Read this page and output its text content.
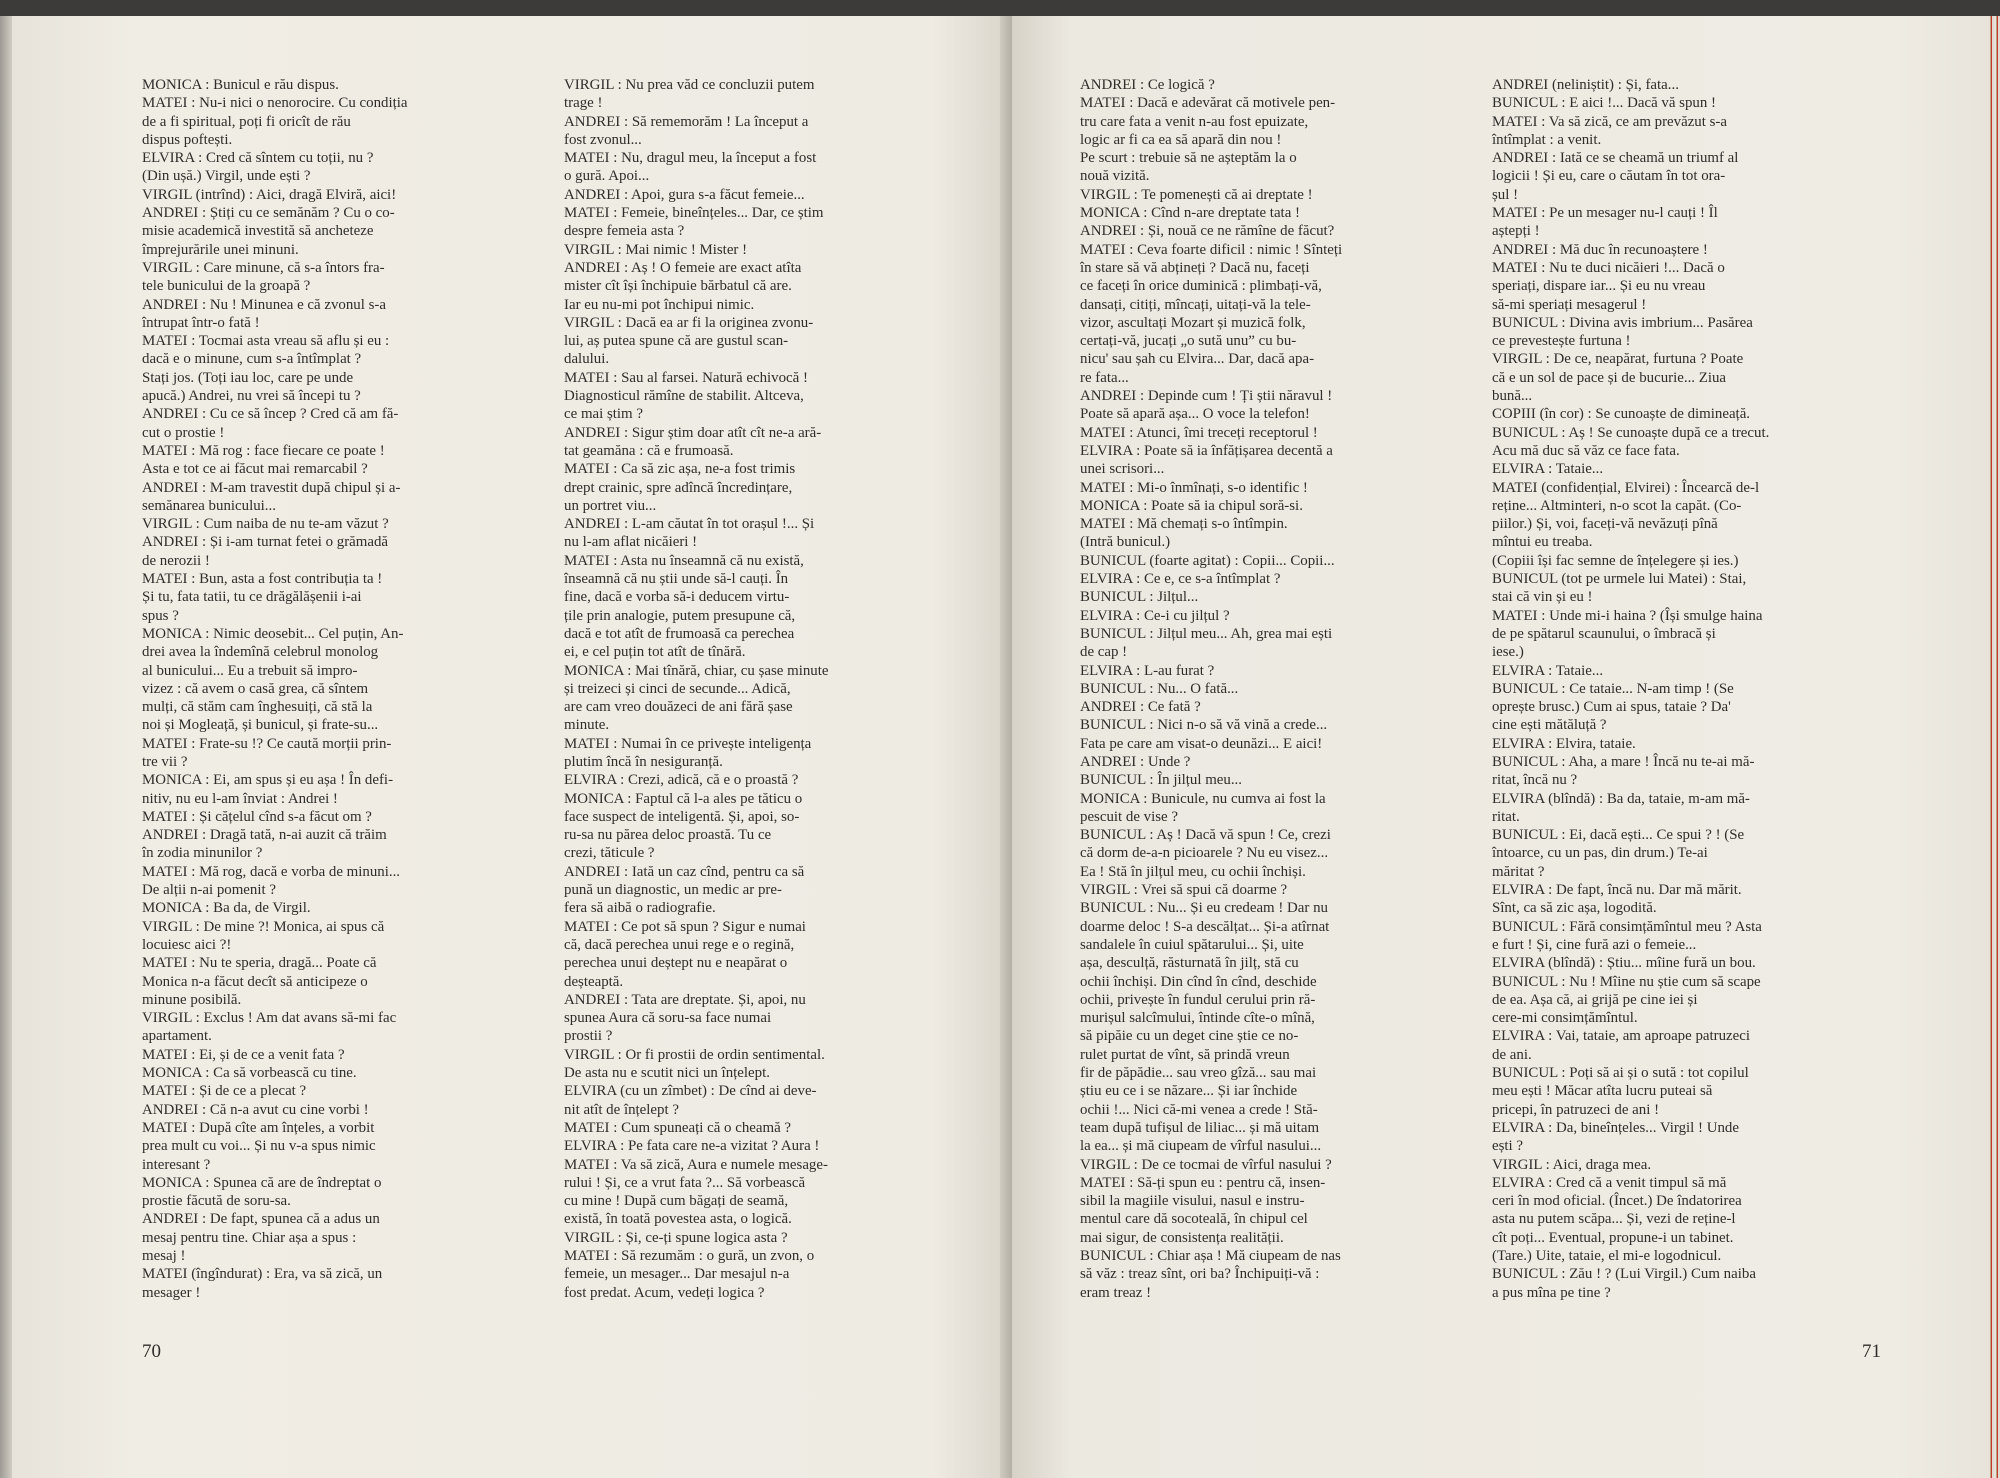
MONICA : Bunicul e rău dispus.
MATEI : Nu-i nici o nenorocire. Cu condiția
de a fi spiritual, poți fi oricît de rău
dispus poftești.
ELVIRA : Cred că sîntem cu toții, nu ?
(Din ușă.) Virgil, unde ești ?
VIRGIL (intrînd) : Aici, dragă Elviră, aici!
ANDREI : Știți cu ce semănăm ? Cu o co-
misie academică investită să ancheteze
împrejurările unei minuni.
VIRGIL : Care minune, că s-a întors fra-
tele bunicului de la groapă ?
ANDREI : Nu ! Minunea e că zvonul s-a
întrupat într-o fată !
MATEI : Tocmai asta vreau să aflu și eu :
dacă e o minune, cum s-a întîmplat ?
Stați jos. (Toți iau loc, care pe unde
apucă.) Andrei, nu vrei să începi tu ?
ANDREI : Cu ce să încep ? Cred că am fă-
cut o prostie !
MATEI : Mă rog : face fiecare ce poate !
Asta e tot ce ai făcut mai remarcabil ?
ANDREI : M-am travestit după chipul și a-
semănarea bunicului...
VIRGIL : Cum naiba de nu te-am văzut ?
ANDREI : Și i-am turnat fetei o grămadă
de nerozii !
MATEI : Bun, asta a fost contribuția ta !
Și tu, fata tatii, tu ce drăgălășenii i-ai
spus ?
MONICA : Nimic deosebit... Cel puțin, An-
drei avea la îndemînă celebrul monolog
al bunicului... Eu a trebuit să impro-
vizez : că avem o casă grea, că sîntem
mulți, că stăm cam înghesuiți, că stă la
noi și Mogleață, și bunicul, și frate-su...
MATEI : Frate-su !? Ce caută morții prin-
tre vii ?
MONICA : Ei, am spus și eu așa ! În defi-
nitiv, nu eu l-am înviat : Andrei !
MATEI : Și cățelul cînd s-a făcut om ?
ANDREI : Dragă tată, n-ai auzit că trăim
în zodia minunilor ?
MATEI : Mă rog, dacă e vorba de minuni...
De alții n-ai pomenit ?
MONICA : Ba da, de Virgil.
VIRGIL : De mine ?! Monica, ai spus că
locuiesc aici ?!
MATEI : Nu te speria, dragă... Poate că
Monica n-a făcut decît să anticipeze o
minune posibilă.
VIRGIL : Exclus ! Am dat avans să-mi fac
apartament.
MATEI : Ei, și de ce a venit fata ?
MONICA : Ca să vorbească cu tine.
MATEI : Și de ce a plecat ?
ANDREI : Că n-a avut cu cine vorbi !
MATEI : După cîte am înțeles, a vorbit
prea mult cu voi... Și nu v-a spus nimic
interesant ?
MONICA : Spunea că are de îndreptat o
prostie făcută de soru-sa.
ANDREI : De fapt, spunea că a adus un
mesaj pentru tine. Chiar așa a spus :
mesaj !
MATEI (îngîndurat) : Era, va să zică, un
mesager !
VIRGIL : Nu prea văd ce concluzii putem
trage !
ANDREI : Să rememorăm ! La început a
fost zvonul...
MATEI : Nu, dragul meu, la început a fost
o gură. Apoi...
ANDREI : Apoi, gura s-a făcut femeie...
MATEI : Femeie, bineînțeles... Dar, ce știm
despre femeia asta ?
VIRGIL : Mai nimic ! Mister !
ANDREI : Aș ! O femeie are exact atîta
mister cît își închipuie bărbatul că are.
Iar eu nu-mi pot închipui nimic.
VIRGIL : Dacă ea ar fi la originea zvonu-
lui, aș putea spune că are gustul scan-
dalului.
MATEI : Sau al farsei. Natură echivocă !
Diagnosticul rămîne de stabilit. Altceva,
ce mai știm ?
ANDREI : Sigur știm doar atît cît ne-a ară-
tat geamăna : că e frumoasă.
MATEI : Ca să zic așa, ne-a fost trimis
drept crainic, spre adîncă încredințare,
un portret viu...
ANDREI : L-am căutat în tot orașul !... Și
nu l-am aflat nicăieri !
MATEI : Asta nu înseamnă că nu există,
înseamnă că nu știi unde să-l cauți. În
fine, dacă e vorba să-i deducem virtu-
țile prin analogie, putem presupune că,
dacă e tot atît de frumoasă ca perechea
ei, e cel puțin tot atît de tînără.
MONICA : Mai tînără, chiar, cu șase minute
și treizeci și cinci de secunde... Adică,
are cam vreo douăzeci de ani fără șase
minute.
MATEI : Numai în ce privește inteligența
plutim încă în nesiguranță.
ELVIRA : Crezi, adică, că e o proastă ?
MONICA : Faptul că l-a ales pe tăticu o
face suspect de inteligentă. Și, apoi, so-
ru-sa nu părea deloc proastă. Tu ce
crezi, tăticule ?
ANDREI : Iată un caz cînd, pentru ca să
pună un diagnostic, un medic ar pre-
fera să aibă o radiografie.
MATEI : Ce pot să spun ? Sigur e numai
că, dacă perechea unui rege e o regină,
perechea unui deștept nu e neapărat o
deșteaptă.
ANDREI : Tata are dreptate. Și, apoi, nu
spunea Aura că soru-sa face numai
prostii ?
VIRGIL : Or fi prostii de ordin sentimental.
De asta nu e scutit nici un înțelept.
ELVIRA (cu un zîmbet) : De cînd ai deve-
nit atît de înțelept ?
MATEI : Cum spuneați că o cheamă ?
ELVIRA : Pe fata care ne-a vizitat ? Aura !
MATEI : Va să zică, Aura e numele mesage-
rului ! Și, ce a vrut fata ?... Să vorbească
cu mine ! După cum băgați de seamă,
există, în toată povestea asta, o logică.
VIRGIL : Și, ce-ți spune logica asta ?
MATEI : Să rezumăm : o gură, un zvon, o
femeie, un mesager... Dar mesajul n-a
fost predat. Acum, vedeți logica ?
70
ANDREI : Ce logică ?
MATEI : Dacă e adevărat că motivele pen-
tru care fata a venit n-au fost epuizate,
logic ar fi ca ea să apară din nou !
Pe scurt : trebuie să ne așteptăm la o
nouă vizită.
VIRGIL : Te pomenești că ai dreptate !
MONICA : Cînd n-are dreptate tata !
ANDREI : Și, nouă ce ne rămîne de făcut?
MATEI : Ceva foarte dificil : nimic ! Sînteți
în stare să vă abțineți ? Dacă nu, faceți
ce faceți în orice duminică : plimbați-vă,
dansați, citiți, mîncați, uitați-vă la tele-
vizor, ascultați Mozart și muzică folk,
certați-vă, jucați „o sută unu” cu bu-
nicu' sau șah cu Elvira... Dar, dacă apa-
re fata...
ANDREI : Depinde cum ! Ți știi năravul !
Poate să apară așa... O voce la telefon!
MATEI : Atunci, îmi treceți receptorul !
ELVIRA : Poate să ia înfățișarea decentă a
unei scrisori...
MATEI : Mi-o înmînați, s-o identific !
MONICA : Poate să ia chipul soră-si.
MATEI : Mă chemați s-o întîmpin.
(Intră bunicul.)
BUNICUL (foarte agitat) : Copii... Copii...
ELVIRA : Ce e, ce s-a întîmplat ?
BUNICUL : Jilțul...
ELVIRA : Ce-i cu jilțul ?
BUNICUL : Jilțul meu... Ah, grea mai ești
de cap !
ELVIRA : L-au furat ?
BUNICUL : Nu... O fată...
ANDREI : Ce fată ?
BUNICUL : Nici n-o să vă vină a crede...
Fata pe care am visat-o deunăzi... E aici!
ANDREI : Unde ?
BUNICUL : În jilțul meu...
MONICA : Bunicule, nu cumva ai fost la
pescuit de vise ?
BUNICUL : Aș ! Dacă vă spun ! Ce, crezi
că dorm de-a-n picioarele ? Nu eu visez...
Ea ! Stă în jilțul meu, cu ochii închiși.
VIRGIL : Vrei să spui că doarme ?
BUNICUL : Nu... Și eu credeam ! Dar nu
doarme deloc ! S-a descălțat... Și-a atîrnat
sandalele în cuiul spătarului... Și, uite
așa, desculță, răsturnată în jilț, stă cu
ochii închiși. Din cînd în cînd, deschide
ochii, privește în fundul cerului prin ră-
murișul salcîmului, întinde cîte-o mînă,
să pipăie cu un deget cine știe ce no-
rulet purtat de vînt, să prindă vreun
fir de păpădie... sau vreo gîză... sau mai
știu eu ce i se năzare... Și iar închide
ochii !... Nici că-mi venea a crede ! Stă-
team după tufișul de liliac... și mă uitam
la ea... și mă ciupeam de vîrful nasului...
VIRGIL : De ce tocmai de vîrful nasului ?
MATEI : Să-ți spun eu : pentru că, insen-
sibil la magiile visului, nasul e instru-
mentul care dă socoteală, în chipul cel
mai sigur, de consistența realității.
BUNICUL : Chiar așa ! Mă ciupeam de nas
să văz : treaz sînt, ori ba? Închipuiți-vă :
eram treaz !
ANDREI (neliniștit) : Și, fata...
BUNICUL : E aici !... Dacă vă spun !
MATEI : Va să zică, ce am prevăzut s-a
întîmplat : a venit.
ANDREI : Iată ce se cheamă un triumf al
logicii ! Și eu, care o căutam în tot ora-
șul !
MATEI : Pe un mesager nu-l cauți ! Îl
aștepți !
ANDREI : Mă duc în recunoaștere !
MATEI : Nu te duci nicăieri !... Dacă o
speriați, dispare iar... Și eu nu vreau
să-mi speriați mesagerul !
BUNICUL : Divina avis imbrium... Pasărea
ce prevestește furtuna !
VIRGIL : De ce, neapărat, furtuna ? Poate
că e un sol de pace și de bucurie... Ziua
bună...
COPIII (în cor) : Se cunoaște de dimineață.
BUNICUL : Aș ! Se cunoaște după ce a trecut.
Acu mă duc să văz ce face fata.
ELVIRA : Tataie...
MATEI (confidențial, Elvirei) : Încearcă de-l
reține... Altminteri, n-o scot la capăt. (Co-
piilor.) Și, voi, faceți-vă nevăzuți pînă
mîntui eu treaba.
(Copiii își fac semne de înțelegere și ies.)
BUNICUL (tot pe urmele lui Matei) : Stai,
stai că vin și eu !
MATEI : Unde mi-i haina ? (Își smulge haina
de pe spătarul scaunului, o îmbracă și
iese.)
ELVIRA : Tataie...
BUNICUL : Ce tataie... N-am timp ! (Se
oprește brusc.) Cum ai spus, tataie ? Da'
cine ești mătăluță ?
ELVIRA : Elvira, tataie.
BUNICUL : Aha, a mare ! Încă nu te-ai mă-
ritat, încă nu ?
ELVIRA (blîndă) : Ba da, tataie, m-am mă-
ritat.
BUNICUL : Ei, dacă ești... Ce spui ? ! (Se
întoarce, cu un pas, din drum.) Te-ai
măritat ?
ELVIRA : De fapt, încă nu. Dar mă mărit.
Sînt, ca să zic așa, logodită.
BUNICUL : Fără consimțămîntul meu ? Asta
e furt ! Și, cine fură azi o femeie...
ELVIRA (blîndă) : Știu... mîine fură un bou.
BUNICUL : Nu ! Mîine nu știe cum să scape
de ea. Așa că, ai grijă pe cine iei și
cere-mi consimțămîntul.
ELVIRA : Vai, tataie, am aproape patruzeci
de ani.
BUNICUL : Poți să ai și o sută : tot copilul
meu ești ! Măcar atîta lucru puteai să
pricepi, în patruzeci de ani !
ELVIRA : Da, bineînțeles... Virgil ! Unde
ești ?
VIRGIL : Aici, draga mea.
ELVIRA : Cred că a venit timpul să mă
ceri în mod oficial. (Încet.) De îndatorirea
asta nu putem scăpa... Și, vezi de reține-l
cît poți... Eventual, propune-i un tabinet.
(Tare.) Uite, tataie, el mi-e logodnicul.
BUNICUL : Zău ! ? (Lui Virgil.) Cum naiba
a pus mîna pe tine ?
71
